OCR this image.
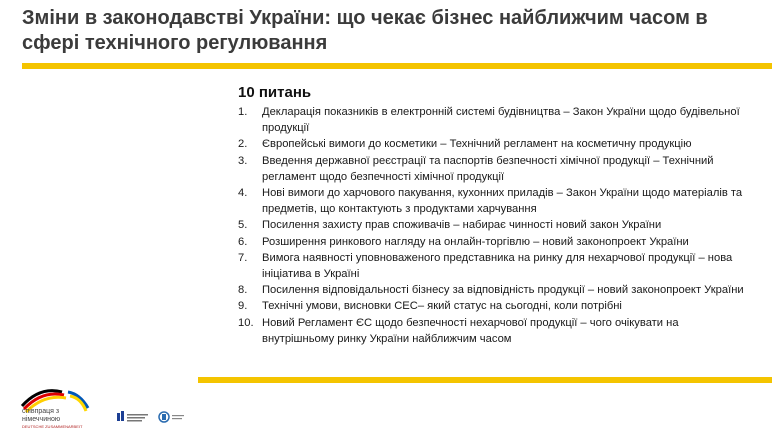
Зміни в законодавстві України: що чекає бізнес найближчим часом в сфері технічного регулювання
10 питань
1.	Декларація показників в електронній системі будівництва – Закон України щодо будівельної продукції
2.	Європейські вимоги до косметики – Технічний регламент на косметичну продукцію
3.	Введення державної реєстрації та паспортів безпечності хімічної продукції – Технічний регламент щодо безпечності хімічної продукції
4.	Нові вимоги до харчового пакування, кухонних приладів – Закон України щодо матеріалів та предметів, що контактують з продуктами харчування
5.	Посилення захисту прав споживачів – набирає чинності новий закон України
6.	Розширення ринкового нагляду на онлайн-торгівлю – новий законопроект України
7.	Вимога наявності уповноваженого представника на ринку для нехарчової продукції – нова ініціатива в Україні
8.	Посилення відповідальності бізнесу за відповідність продукції – новий законопроект України
9.	Технічні умови, висновки СЕС– який статус на сьогодні, коли потрібні
10. Новий Регламент ЄС щодо безпечності нехарчової продукції – чого очікувати на внутрішньому ринку України найближчим часом
співпраця з
німеччиною
DEUTSCHE ZUSAMMENARBEIT
